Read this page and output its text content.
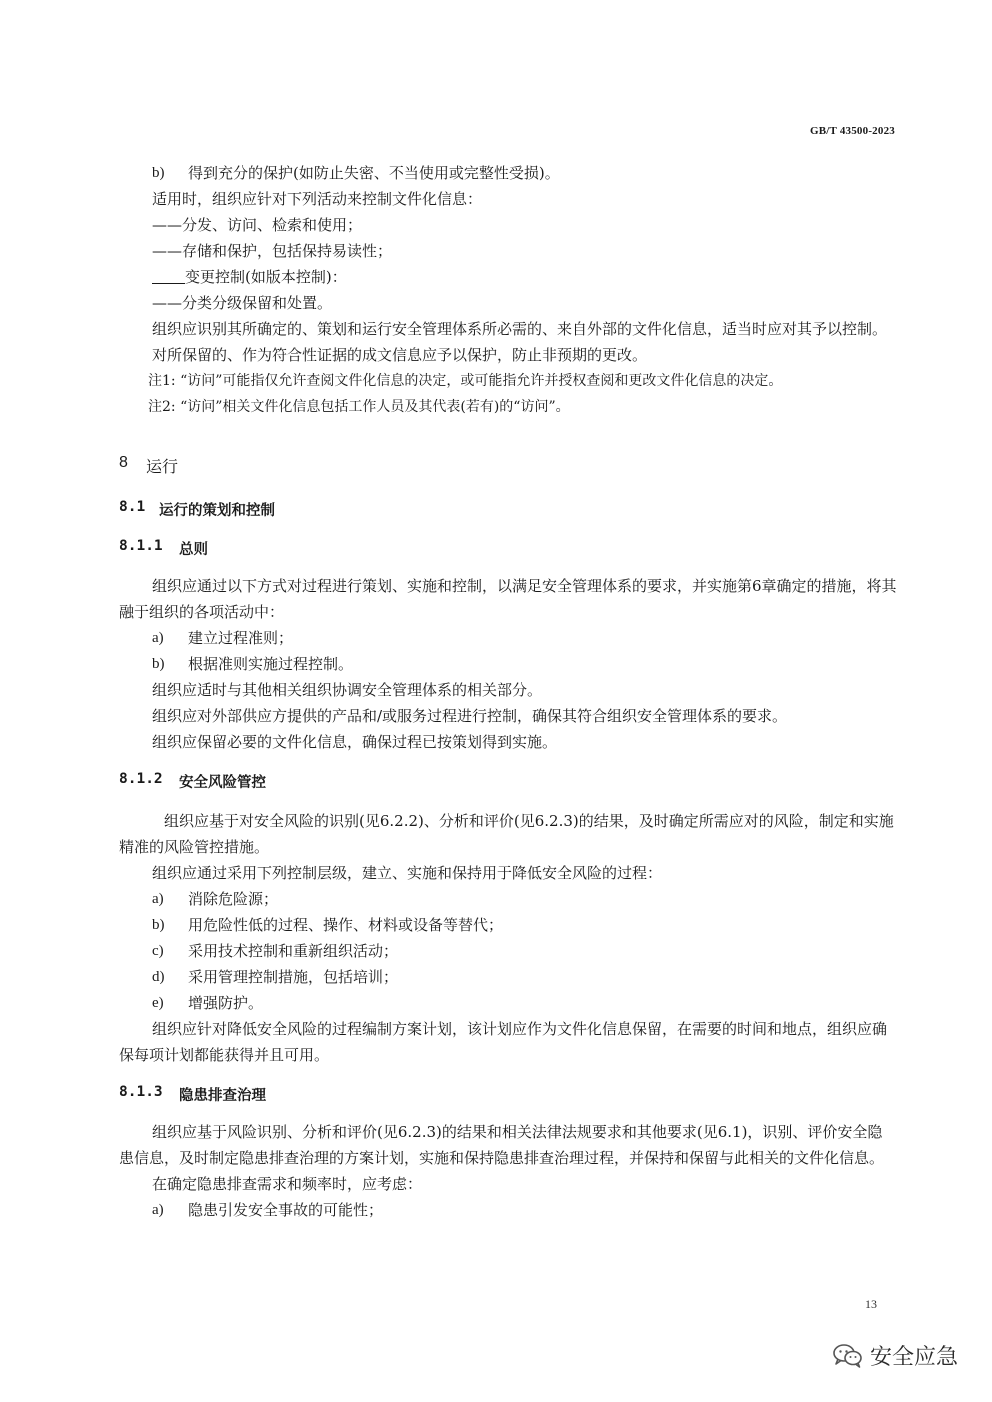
GB/T 43500-2023
b)	得到充分的保护(如防止失密、不当使用或完整性受损)。

适用时，组织应针对下列活动来控制文件化信息：

——分发、访问、检索和使用；

——存储和保护，包括保持易读性；

变更控制(如版本控制)：

——分类分级保留和处置。

组织应识别其所确定的、策划和运行安全管理体系所必需的、来自外部的文件化信息，适当时应对其予以控制。

对所保留的、作为符合性证据的成文信息应予以保护，防止非预期的更改。

注1: “访问”可能指仅允许查阅文件化信息的决定，或可能指允许并授权查阅和更改文件化信息的决定。

注2: “访问”相关文件化信息包括工作人员及其代表(若有)的“访问”。

8	运行
8.1 运行的策划和控制
8.1.1	总则

组织应通过以下方式对过程进行策划、实施和控制，以满足安全管理体系的要求，并实施第6章确定的措施，将其融于组织的各项活动中：

a)	建立过程准则；
b)	根据准则实施过程控制。

组织应适时与其他相关组织协调安全管理体系的相关部分。

组织应对外部供应方提供的产品和/或服务过程进行控制，确保其符合组织安全管理体系的要求。

组织应保留必要的文件化信息，确保过程已按策划得到实施。

8.1.2	安全风险管控

组织应基于对安全风险的识别(见6.2.2)、分析和评价(见6.2.3)的结果，及时确定所需应对的风险，制定和实施精准的风险管控措施。

组织应通过采用下列控制层级，建立、实施和保持用于降低安全风险的过程：

a)	消除危险源；
b)	用危险性低的过程、操作、材料或设备等替代；
c)	采用技术控制和重新组织活动；
d)	采用管理控制措施，包括培训；
e)	增强防护。

组织应针对降低安全风险的过程编制方案计划，该计划应作为文件化信息保留，在需要的时间和地点，组织应确保每项计划都能获得并且可用。

8.1.3	隐患排查治理

组织应基于风险识别、分析和评价(见6.2.3)的结果和相关法律法规要求和其他要求(见6.1)，识别、评价安全隐患信息，及时制定隐患排查治理的方案计划，实施和保持隐患排查治理过程，并保持和保留与此相关的文件化信息。

在确定隐患排查需求和频率时，应考虑：

a)	隐患引发安全事故的可能性；
13
安全应急
